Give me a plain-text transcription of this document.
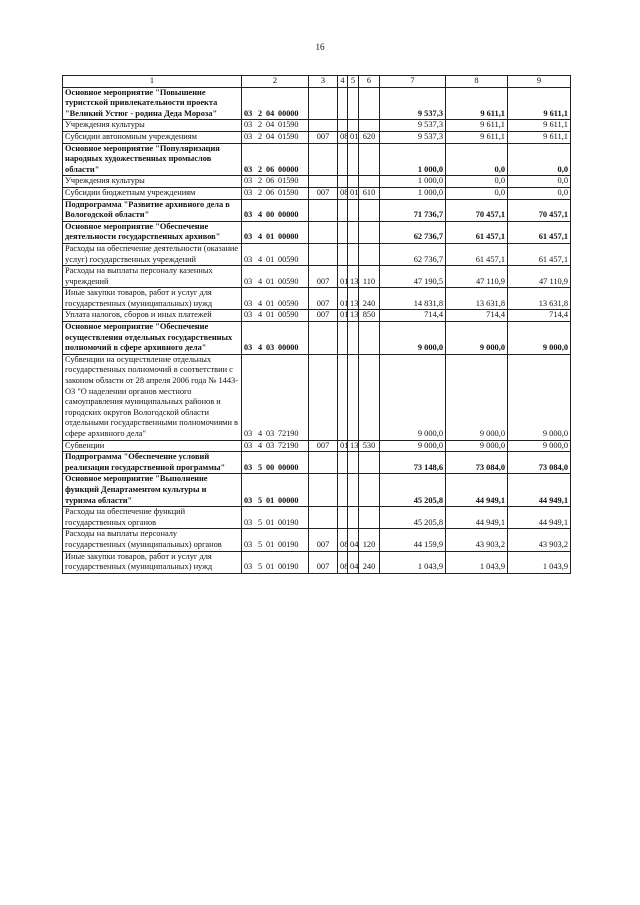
16
1	2	3	4	5	6	7	8	9
Основное мероприятие "Повышение туристской привлекательности проекта "Великий Устюг - родина Деда Мороза"	03 2 04 00000					9 537,3	9 611,1	9 611,1
Учреждения культуры	03 2 04 01590					9 537,3	9 611,1	9 611,1
Субсидии автономным учреждениям	03 2 04 01590	007	08	01	620	9 537,3	9 611,1	9 611,1
Основное мероприятие "Популяризация народных художественных промыслов области"	03 2 06 00000					1 000,0	0,0	0,0
Учреждения культуры	03 2 06 01590					1 000,0	0,0	0,0
Субсидии бюджетным учреждениям	03 2 06 01590	007	08	01	610	1 000,0	0,0	0,0
Подпрограмма "Развитие архивного дела в Вологодской области"	03 4 00 00000					71 736,7	70 457,1	70 457,1
Основное мероприятие "Обеспечение деятельности государственных архивов"	03 4 01 00000					62 736,7	61 457,1	61 457,1
Расходы на обеспечение деятельности (оказание услуг) государственных учреждений	03 4 01 00590					62 736,7	61 457,1	61 457,1
Расходы на выплаты персоналу казенных учреждений	03 4 01 00590	007	01	13	110	47 190,5	47 110,9	47 110,9
Иные закупки товаров, работ и услуг для государственных (муниципальных) нужд	03 4 01 00590	007	01	13	240	14 831,8	13 631,8	13 631,8
Уплата налогов, сборов и иных платежей	03 4 01 00590	007	01	13	850	714,4	714,4	714,4
Основное мероприятие "Обеспечение осуществления отдельных государственных полномочий в сфере архивного дела"	03 4 03 00000					9 000,0	9 000,0	9 000,0
Субвенции на осуществление отдельных государственных полномочий в соответствии с законом области от 28 апреля 2006 года № 1443-ОЗ "О наделении органов местного самоуправления муниципальных районов и городских округов Вологодской области отдельными государственными полномочиями в сфере архивного дела"	03 4 03 72190					9 000,0	9 000,0	9 000,0
Субвенции	03 4 03 72190	007	01	13	530	9 000,0	9 000,0	9 000,0
Подпрограмма "Обеспечение условий реализации государственной программы"	03 5 00 00000					73 148,6	73 084,0	73 084,0
Основное мероприятие "Выполнение функций Департаментом культуры и туризма области"	03 5 01 00000					45 205,8	44 949,1	44 949,1
Расходы на обеспечение функций государственных органов	03 5 01 00190					45 205,8	44 949,1	44 949,1
Расходы на выплаты персоналу государственных (муниципальных) органов	03 5 01 00190	007	08	04	120	44 159,9	43 903,2	43 903,2
Иные закупки товаров, работ и услуг для государственных (муниципальных) нужд	03 5 01 00190	007	08	04	240	1 043,9	1 043,9	1 043,9
